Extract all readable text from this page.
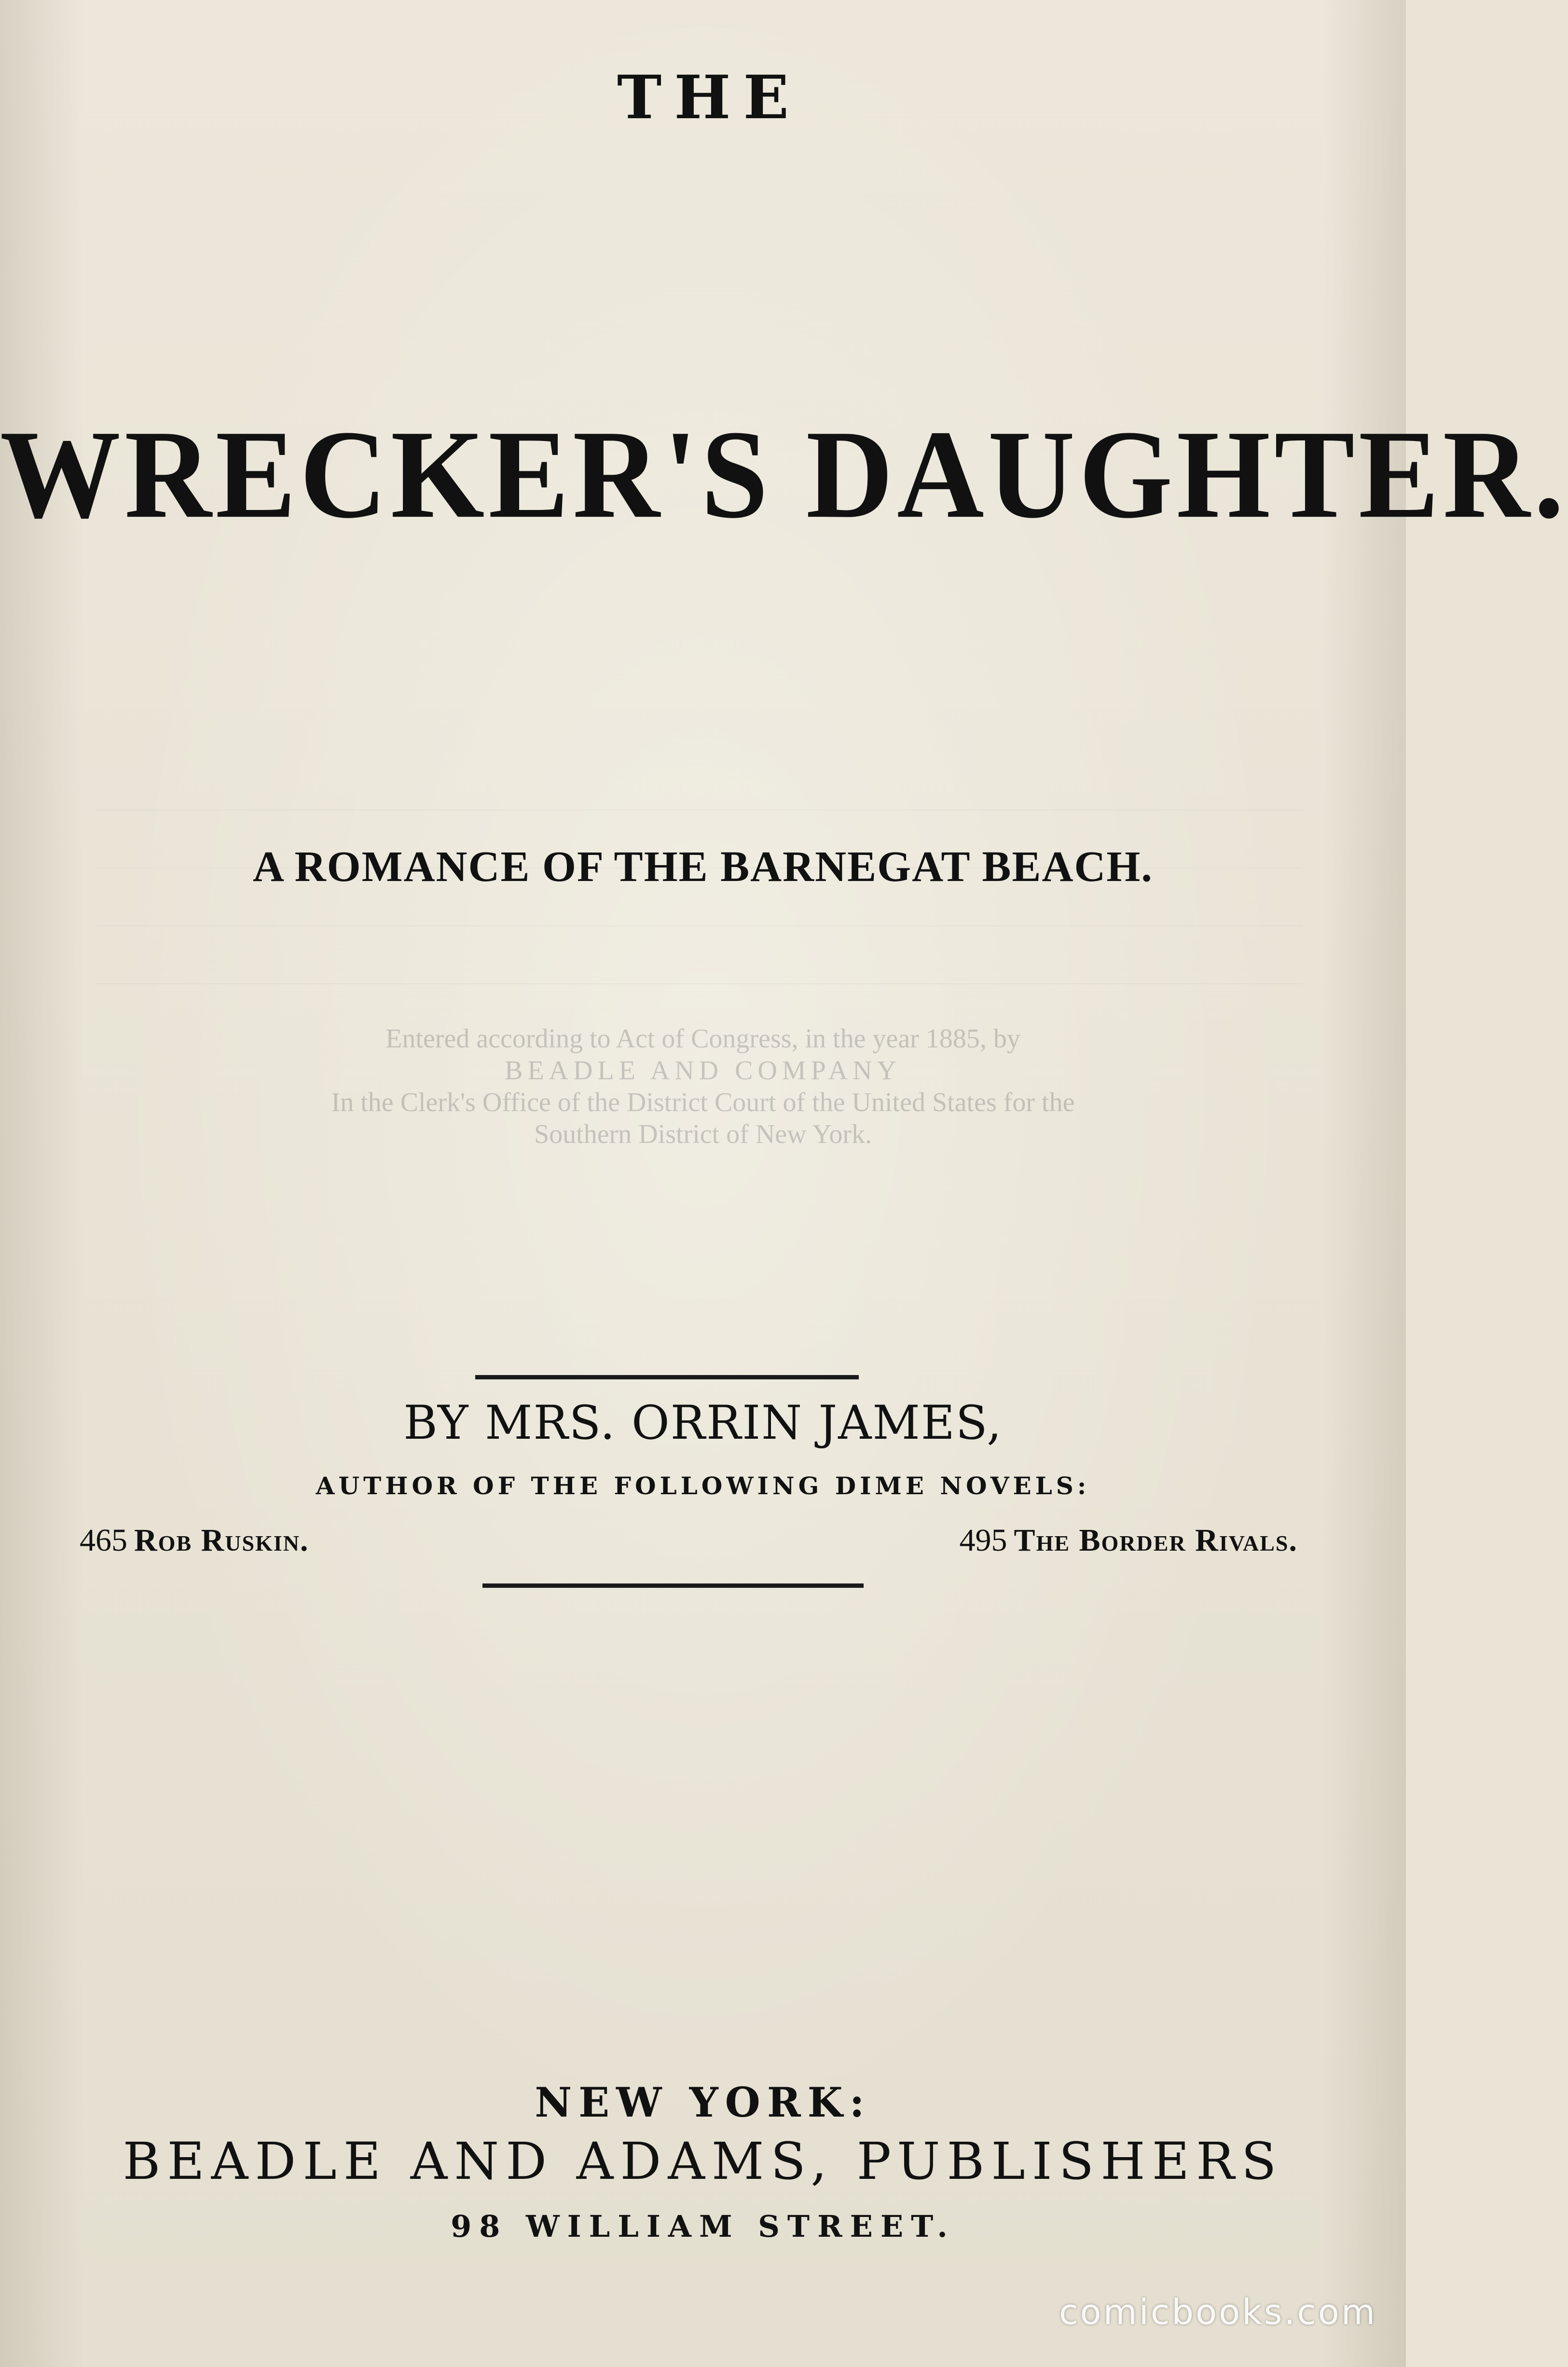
THE
WRECKER'S DAUGHTER.
A ROMANCE OF THE BARNEGAT BEACH.
Entered according to Act of Congress, in the year 1885, by
BEADLE AND COMPANY
In the Clerk's Office of the District Court of the United States for the
Southern District of New York.
BY MRS. ORRIN JAMES,
AUTHOR OF THE FOLLOWING DIME NOVELS:
465 Rob Ruskin.	495 The Border Rivals.
NEW YORK:
BEADLE AND ADAMS, PUBLISHERS
98 WILLIAM STREET.
comicbooks.com
